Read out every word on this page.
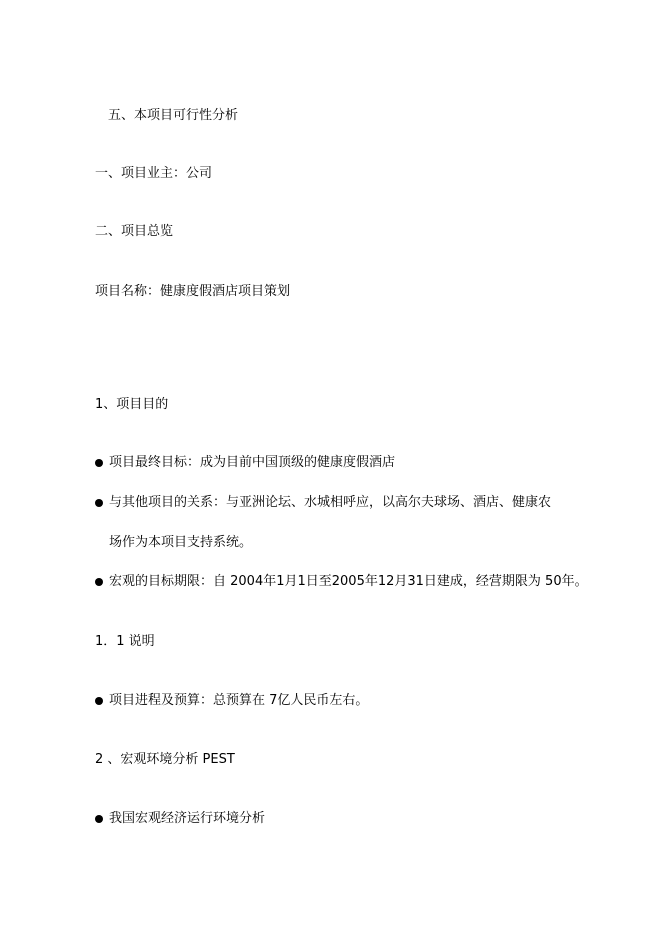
五、本项目可行性分析
一、项目业主：公司
二、项目总览
项目名称：健康度假酒店项目策划
1、项目目的
项目最终目标：成为目前中国顶级的健康度假酒店
与其他项目的关系：与亚洲论坛、水城相呼应，以高尔夫球场、酒店、健康农
场作为本项目支持系统。
宏观的目标期限：自 2004年1月1日至2005年12月31日建成，经营期限为 50年。
1．1 说明
项目进程及预算：总预算在 7亿人民币左右。
2 、宏观环境分析 PEST
我国宏观经济运行环境分析
